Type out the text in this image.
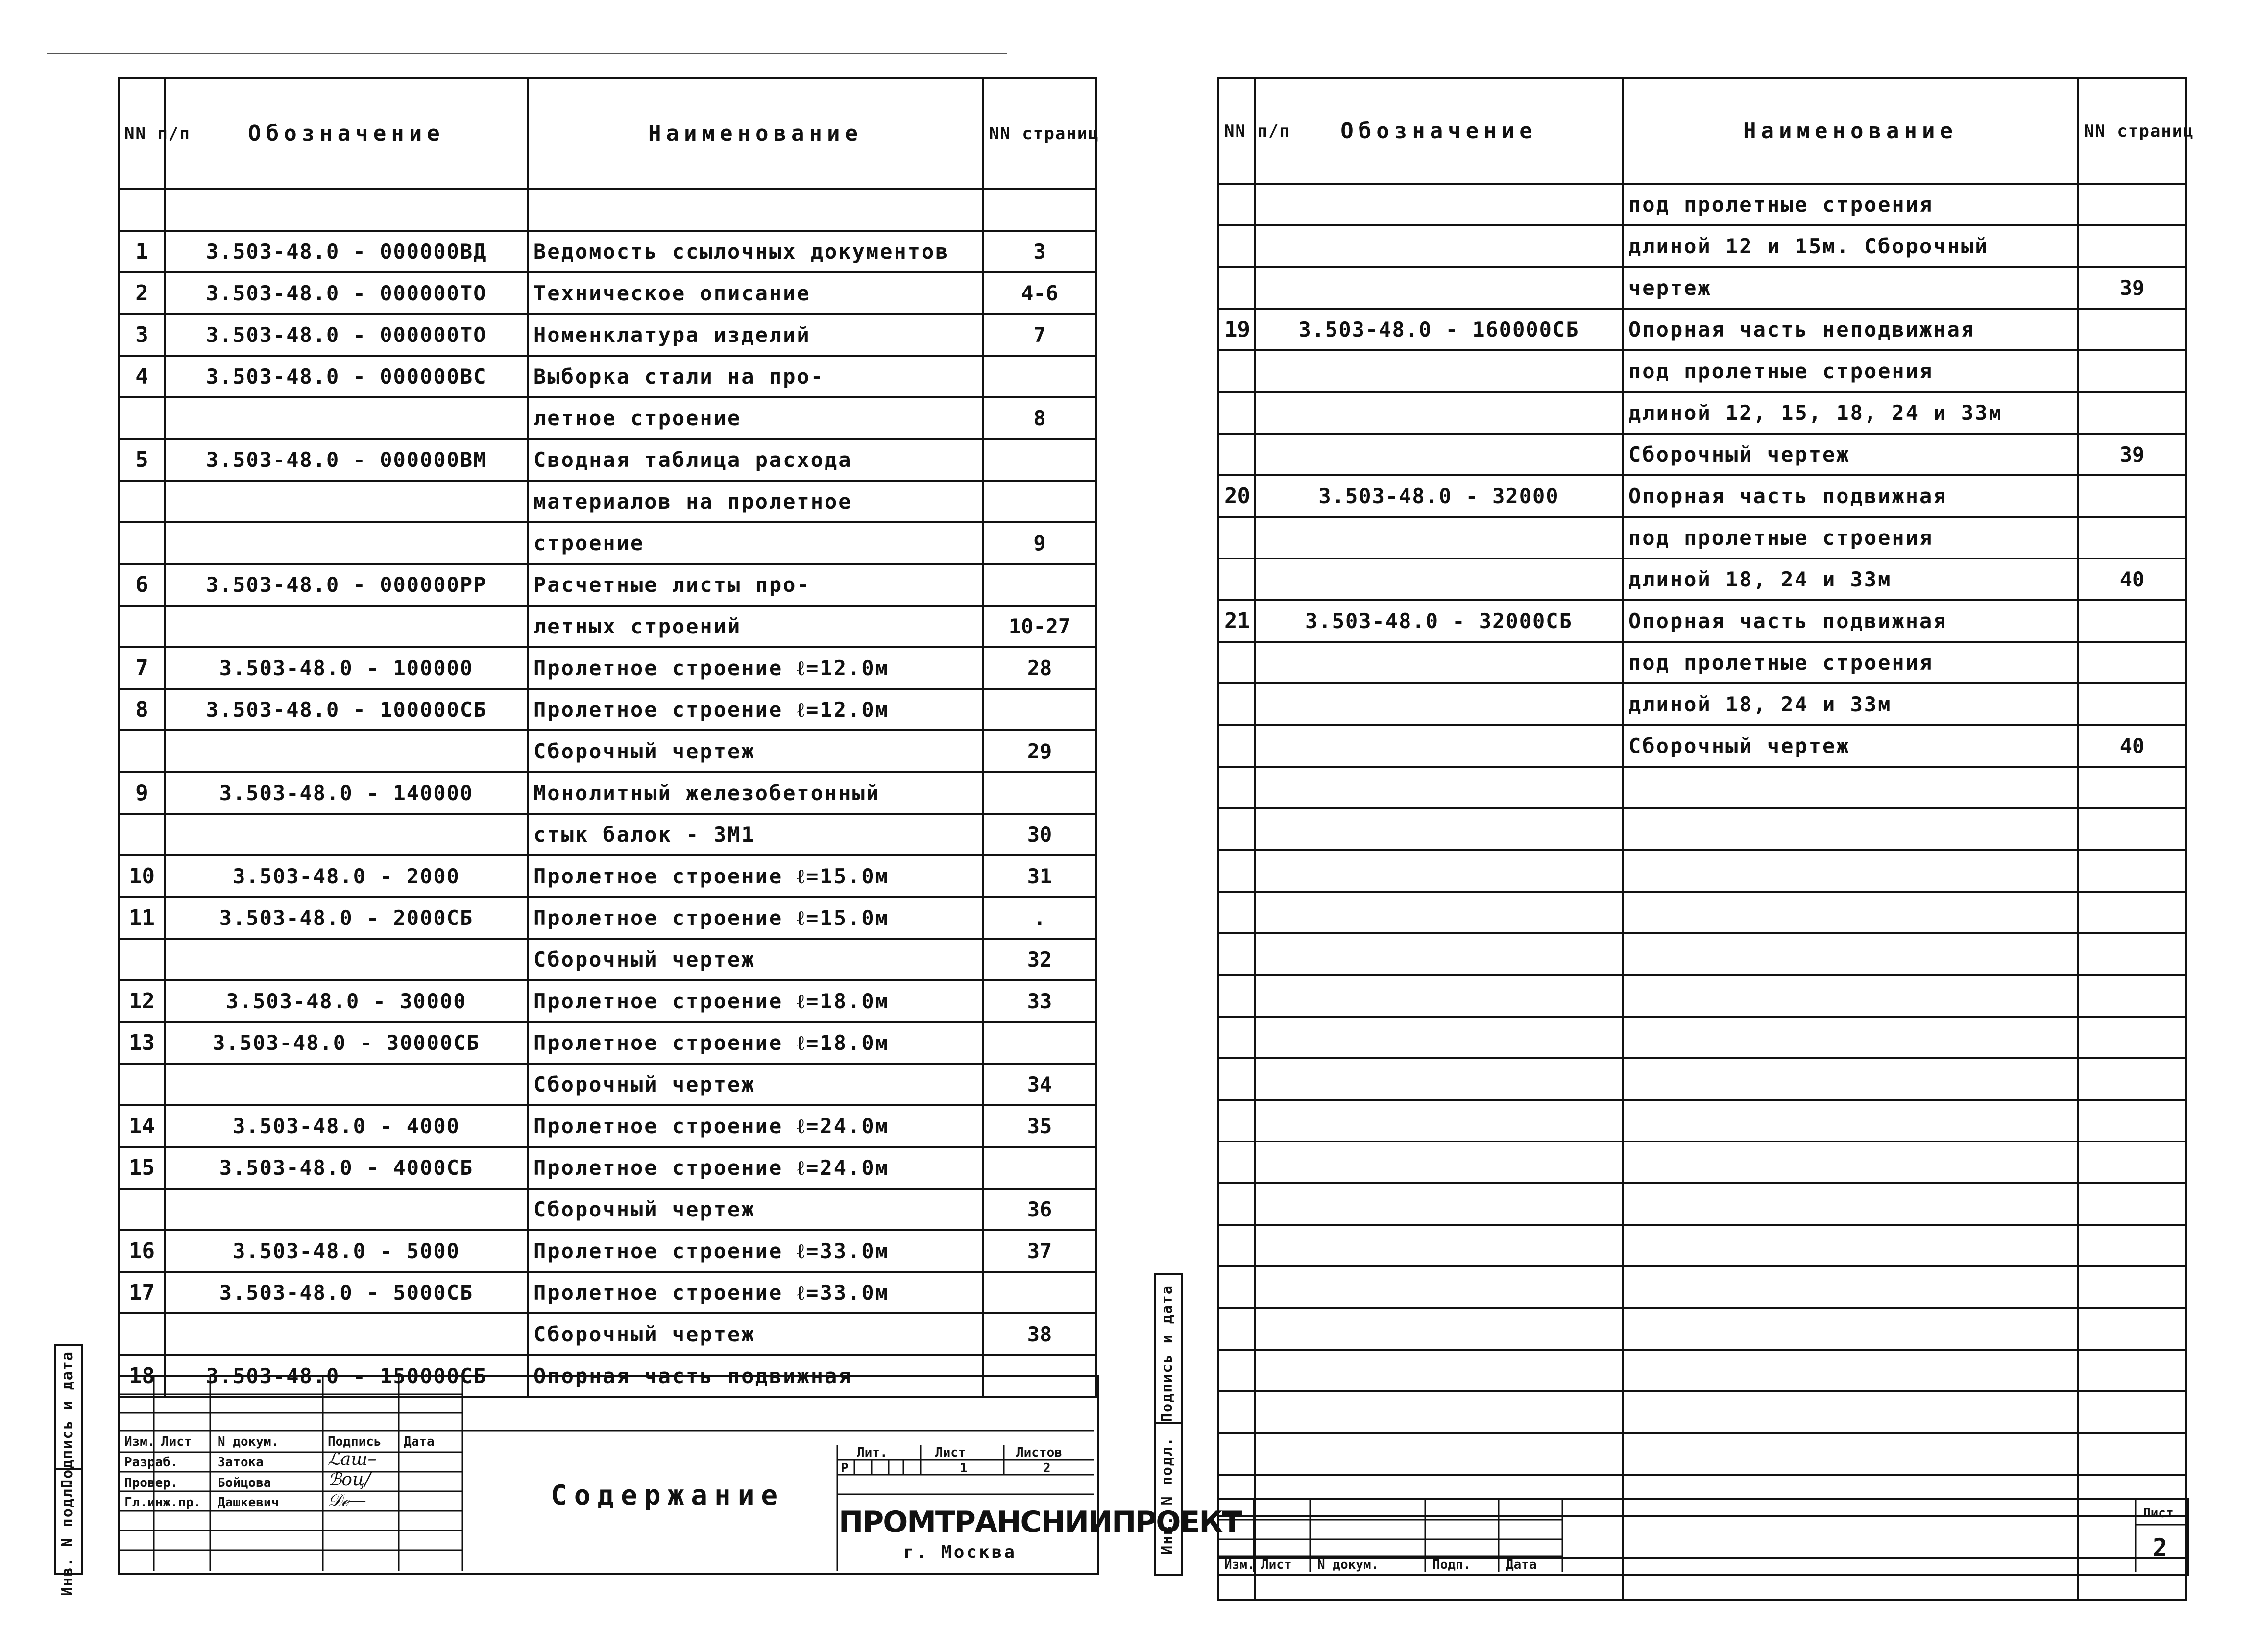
NN п/п	Обозначение	Наименование	NN страниц

1	3.503-48.0 - 000000ВД	Ведомость ссылочных документов	3
2	3.503-48.0 - 000000ТО	Техническое описание	4-6
3	3.503-48.0 - 000000ТО	Номенклатура изделий	7
4	3.503-48.0 - 000000ВС	Выборка стали на про-	
		летное строение	8
5	3.503-48.0 - 000000ВМ	Сводная таблица расхода	
		материалов на пролетное	
		строение	9
6	3.503-48.0 - 000000РР	Расчетные листы про-	
		летных строений	10-27
7	3.503-48.0 - 100000	Пролетное строение ℓ=12.0м	28
8	3.503-48.0 - 100000СБ	Пролетное строение ℓ=12.0м	
		Сборочный чертеж	29
9	3.503-48.0 - 140000	Монолитный железобетонный	
		стык балок - ЗМ1	30
10	3.503-48.0 - 2000	Пролетное строение ℓ=15.0м	31
11	3.503-48.0 - 2000СБ	Пролетное строение ℓ=15.0м	.
		Сборочный чертеж	32
12	3.503-48.0 - 30000	Пролетное строение ℓ=18.0м	33
13	3.503-48.0 - 30000СБ	Пролетное строение ℓ=18.0м	
		Сборочный чертеж	34
14	3.503-48.0 - 4000	Пролетное строение ℓ=24.0м	35
15	3.503-48.0 - 4000СБ	Пролетное строение ℓ=24.0м	
		Сборочный чертеж	36
16	3.503-48.0 - 5000	Пролетное строение ℓ=33.0м	37
17	3.503-48.0 - 5000СБ	Пролетное строение ℓ=33.0м	
		Сборочный чертеж	38
18	3.503-48.0 - 150000СБ	Опорная часть подвижная	
Изм. Лист N докум.	Подпись Дата
Разраб.	Затока
Провер.	Бойцова
Гл.инж.пр. Дашкевич	Содержание
Лит.	Лист	Листов
Р	1	2
ПРОМТРАНСНИИПРОЕКТ
г. Москва
ℒаш–
ℬоц/
𝒟ℯ—
Подпись и дата
Инв. N подл.
NN п/п	Обозначение	Наименование	NN страниц
		под пролетные строения	
		длиной 12 и 15м. Сборочный	
		чертеж	39
19	3.503-48.0 - 160000СБ	Опорная часть неподвижная	
		под пролетные строения	
		длиной 12, 15, 18, 24 и 33м	
		Сборочный чертеж	39
20	3.503-48.0 - 32000	Опорная часть подвижная	
		под пролетные строения	
		длиной 18, 24 и 33м	40
21	3.503-48.0 - 32000СБ	Опорная часть подвижная	
		под пролетные строения	
		длиной 18, 24 и 33м	
		Сборочный чертеж	40

Изм. Лист N докум.	Подп.	Дата
Лист
2
Подпись и дата
Инв. N подл.
